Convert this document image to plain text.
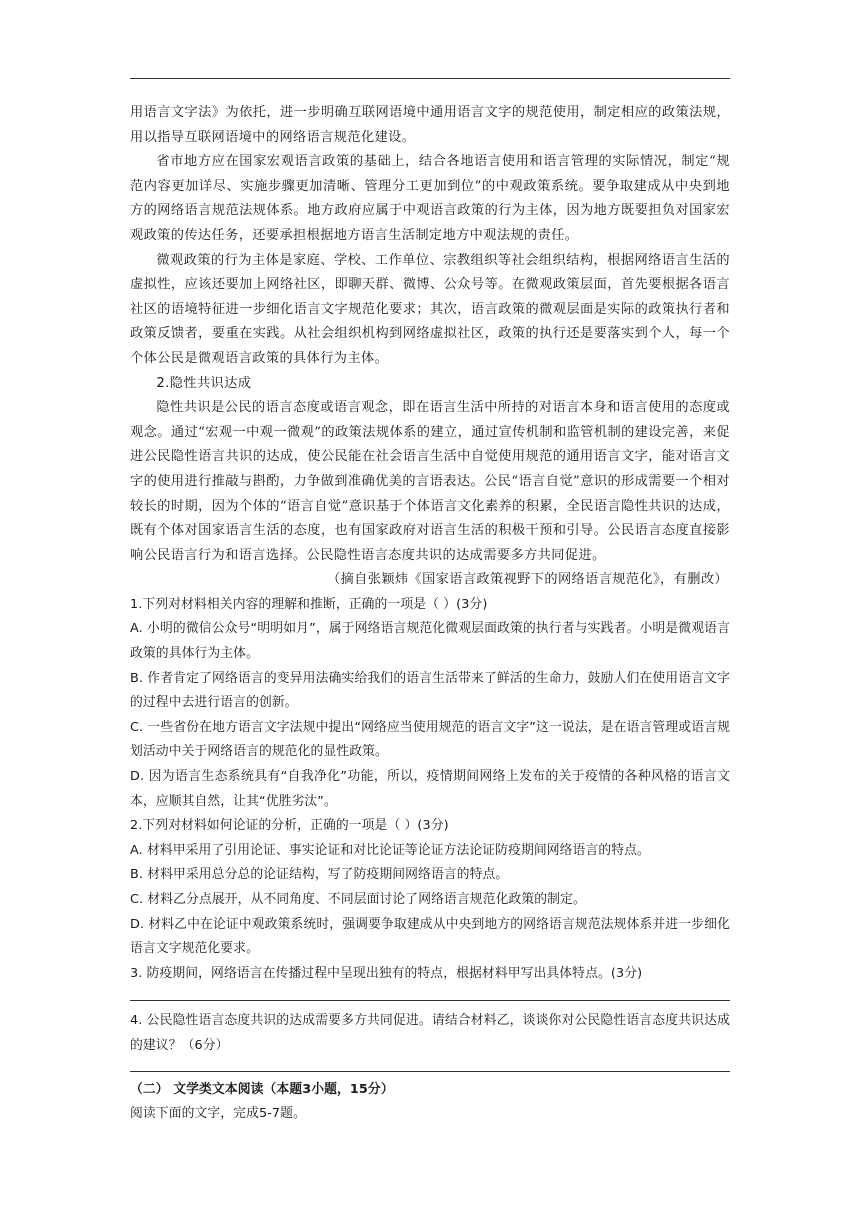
用语言文字法》为依托，进一步明确互联网语境中通用语言文字的规范使用，制定相应的政策法规，用以指导互联网语境中的网络语言规范化建设。

省市地方应在国家宏观语言政策的基础上，结合各地语言使用和语言管理的实际情况，制定“规范内容更加详尽、实施步骤更加清晰、管理分工更加到位”的中观政策系统。要争取建成从中央到地方的网络语言规范法规体系。地方政府应属于中观语言政策的行为主体，因为地方既要担负对国家宏观政策的传达任务，还要承担根据地方语言生活制定地方中观法规的责任。

微观政策的行为主体是家庭、学校、工作单位、宗教组织等社会组织结构，根据网络语言生活的虚拟性，应该还要加上网络社区，即聊天群、微博、公众号等。在微观政策层面，首先要根据各语言社区的语境特征进一步细化语言文字规范化要求；其次，语言政策的微观层面是实际的政策执行者和政策反馈者，要重在实践。从社会组织机构到网络虚拟社区，政策的执行还是要落实到个人，每一个个体公民是微观语言政策的具体行为主体。

2.隐性共识达成

隐性共识是公民的语言态度或语言观念，即在语言生活中所持的对语言本身和语言使用的态度或观念。通过“宏观一中观一微观”的政策法规体系的建立，通过宣传机制和监管机制的建设完善，来促进公民隐性语言共识的达成，使公民能在社会语言生活中自觉使用规范的通用语言文字，能对语言文字的使用进行推敲与斟酌，力争做到准确优美的言语表达。公民“语言自觉”意识的形成需要一个相对较长的时期，因为个体的“语言自觉”意识基于个体语言文化素养的积累，全民语言隐性共识的达成，既有个体对国家语言生活的态度，也有国家政府对语言生活的积极干预和引导。公民语言态度直接影响公民语言行为和语言选择。公民隐性语言态度共识的达成需要多方共同促进。

（摘自张颖炜《国家语言政策视野下的网络语言规范化》，有删改）

1.下列对材料相关内容的理解和推断，正确的一项是（ ）(3分)

A. 小明的微信公众号“明明如月”，属于网络语言规范化微观层面政策的执行者与实践者。小明是微观语言政策的具体行为主体。

B. 作者肯定了网络语言的变异用法确实给我们的语言生活带来了鲜活的生命力，鼓励人们在使用语言文字的过程中去进行语言的创新。

C. 一些省份在地方语言文字法规中提出“网络应当使用规范的语言文字”这一说法，是在语言管理或语言规划活动中关于网络语言的规范化的显性政策。

D. 因为语言生态系统具有“自我净化”功能，所以，疫情期间网络上发布的关于疫情的各种风格的语言文本，应顺其自然，让其“优胜劣汰”。

2.下列对材料如何论证的分析，正确的一项是（ ）(3分)

A. 材料甲采用了引用论证、事实论证和对比论证等论证方法论证防疫期间网络语言的特点。

B. 材料甲采用总分总的论证结构，写了防疫期间网络语言的特点。

C. 材料乙分点展开，从不同角度、不同层面讨论了网络语言规范化政策的制定。

D. 材料乙中在论证中观政策系统时，强调要争取建成从中央到地方的网络语言规范法规体系并进一步细化语言文字规范化要求。

3. 防疫期间，网络语言在传播过程中呈现出独有的特点，根据材料甲写出具体特点。(3分)

4. 公民隐性语言态度共识的达成需要多方共同促进。请结合材料乙，谈谈你对公民隐性语言态度共识达成的建议？（6分）

（二） 文学类文本阅读（本题3小题，15分）

阅读下面的文字，完成5-7题。
